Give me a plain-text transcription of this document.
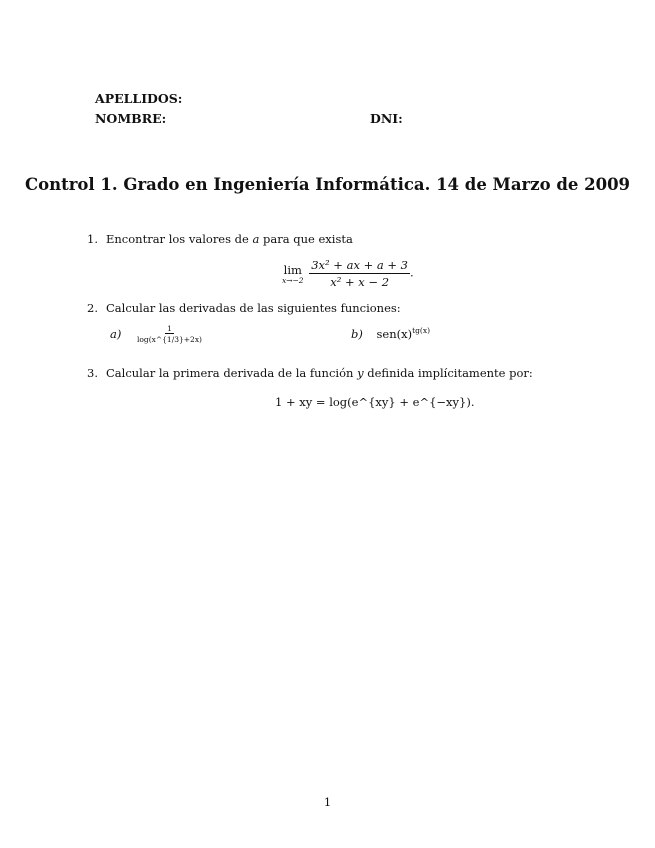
APELLIDOS:
NOMBRE:	DNI:
Control 1. Grado en Ingeniería Informática. 14 de Marzo de 2009
1. Encontrar los valores de a para que exista
lim
x→−2
$\frac{\text{3x² + ax + a + 3}}{\text{x² + x − 2}}$ .
2. Calcular las derivadas de las siguientes funciones:
$a) \frac{1}{\log(x\^{}\{1/3\}+2x)}$	b) $sen(x)^{tg(x)}$
3. Calcular la primera derivada de la función y definida implícitamente por:
1 + xy = log(e^{xy} + e^{−xy}).
1
